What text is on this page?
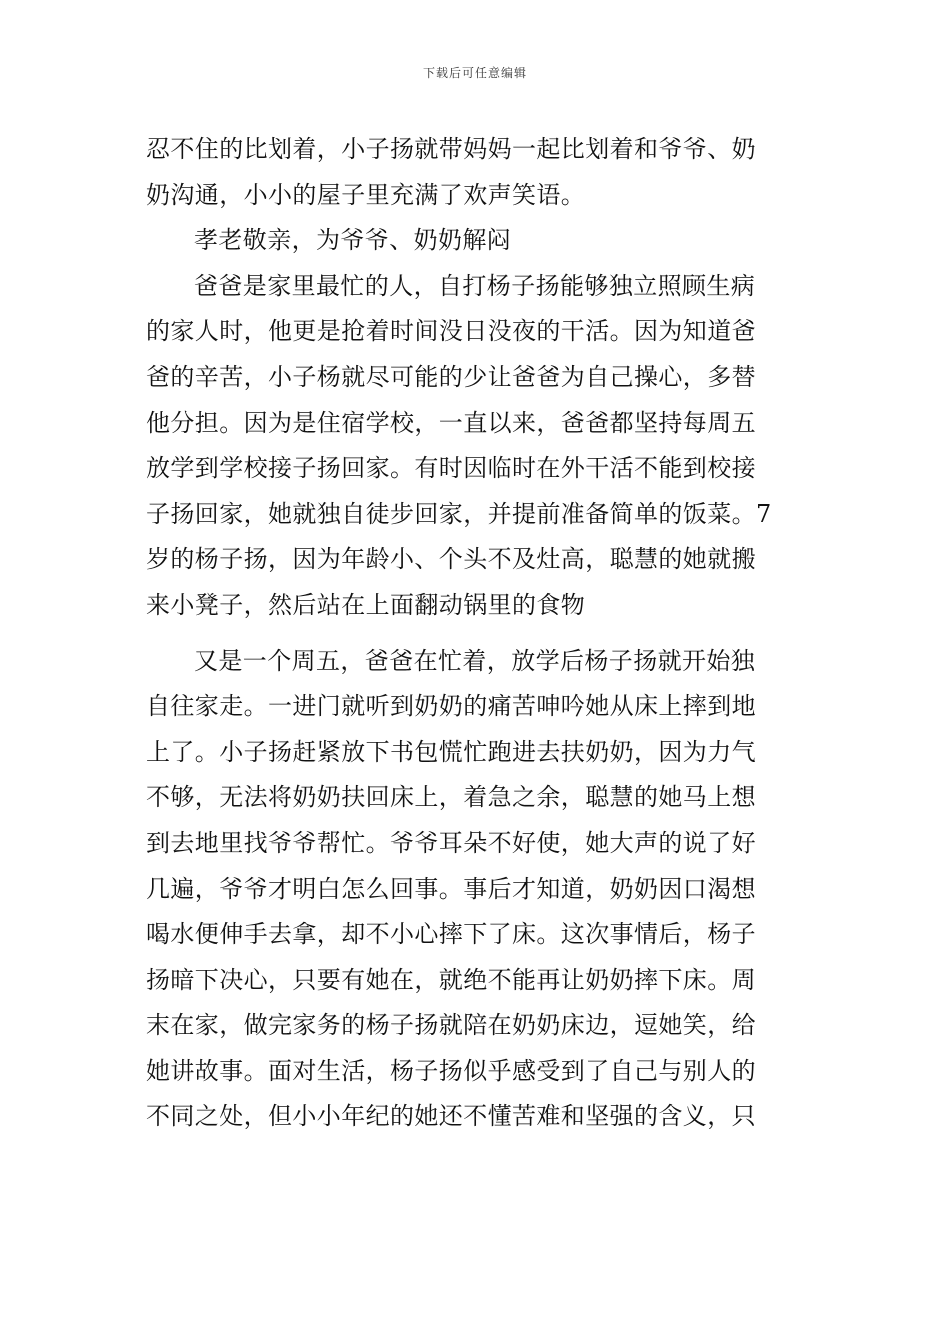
下载后可任意编辑
忍不住的比划着，小子扬就带妈妈一起比划着和爷爷、奶
奶沟通，小小的屋子里充满了欢声笑语。
孝老敬亲，为爷爷、奶奶解闷
爸爸是家里最忙的人，自打杨子扬能够独立照顾生病
的家人时，他更是抢着时间没日没夜的干活。因为知道爸
爸的辛苦，小子杨就尽可能的少让爸爸为自己操心，多替
他分担。因为是住宿学校，一直以来，爸爸都坚持每周五
放学到学校接子扬回家。有时因临时在外干活不能到校接
子扬回家，她就独自徒步回家，并提前准备简单的饭菜。7
岁的杨子扬，因为年龄小、个头不及灶高，聪慧的她就搬
来小凳子，然后站在上面翻动锅里的食物
又是一个周五，爸爸在忙着，放学后杨子扬就开始独
自往家走。一进门就听到奶奶的痛苦呻吟她从床上摔到地
上了。小子扬赶紧放下书包慌忙跑进去扶奶奶，因为力气
不够，无法将奶奶扶回床上，着急之余，聪慧的她马上想
到去地里找爷爷帮忙。爷爷耳朵不好使，她大声的说了好
几遍，爷爷才明白怎么回事。事后才知道，奶奶因口渴想
喝水便伸手去拿，却不小心摔下了床。这次事情后，杨子
扬暗下决心，只要有她在，就绝不能再让奶奶摔下床。周
末在家，做完家务的杨子扬就陪在奶奶床边，逗她笑，给
她讲故事。面对生活，杨子扬似乎感受到了自己与别人的
不同之处，但小小年纪的她还不懂苦难和坚强的含义，只
